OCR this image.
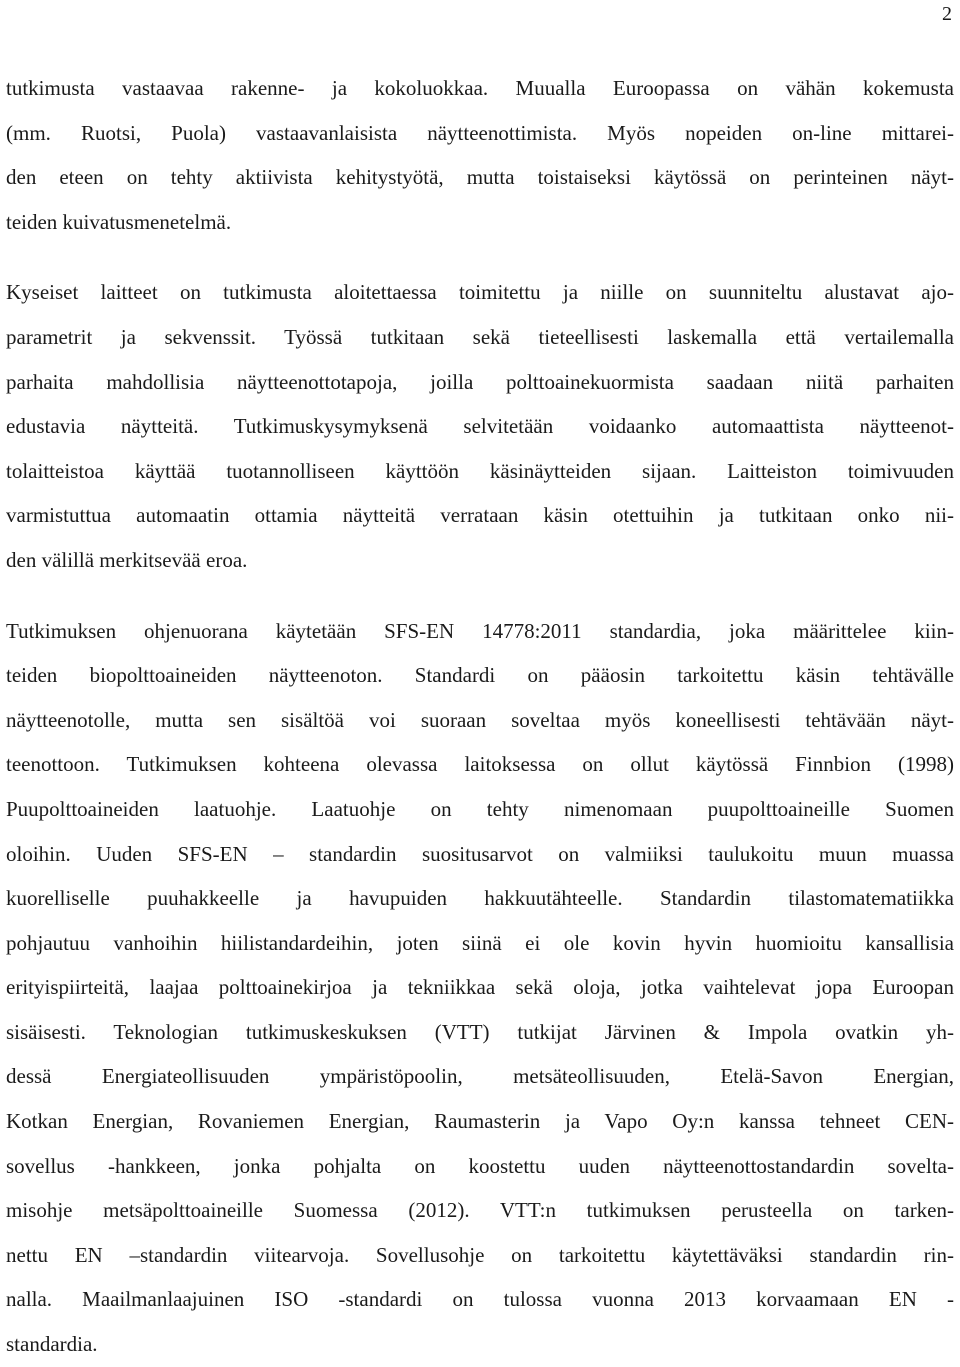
2
tutkimusta vastaavaa rakenne- ja kokoluokkaa. Muualla Euroopassa on vähän kokemusta
(mm. Ruotsi, Puola) vastaavanlaisista näytteenottimista. Myös nopeiden on-line mittarei-
den eteen on tehty aktiivista kehitystyötä, mutta toistaiseksi käytössä on perinteinen näyt-
teiden kuivatusmenetelmä.
Kyseiset laitteet on tutkimusta aloitettaessa toimitettu ja niille on suunniteltu alustavat ajo-
parametrit ja sekvenssit. Työssä tutkitaan sekä tieteellisesti laskemalla että vertailemalla
parhaita mahdollisia näytteenottotapoja, joilla polttoainekuormista saadaan niitä parhaiten
edustavia näytteitä. Tutkimuskysymyksenä selvitetään voidaanko automaattista näytteenot-
tolaitteistoa käyttää tuotannolliseen käyttöön käsinäytteiden sijaan. Laitteiston toimivuuden
varmistuttua automaatin ottamia näytteitä verrataan käsin otettuihin ja tutkitaan onko nii-
den välillä merkitsevää eroa.
Tutkimuksen ohjenuorana käytetään SFS-EN 14778:2011 standardia, joka määrittelee kiin-
teiden biopolttoaineiden näytteenoton. Standardi on pääosin tarkoitettu käsin tehtävälle
näytteenotolle, mutta sen sisältöä voi suoraan soveltaa myös koneellisesti tehtävään näyt-
teenottoon. Tutkimuksen kohteena olevassa laitoksessa on ollut käytössä Finnbion (1998)
Puupolttoaineiden laatuohje. Laatuohje on tehty nimenomaan puupolttoaineille Suomen
oloihin. Uuden SFS-EN – standardin suositusarvot on valmiiksi taulukoitu muun muassa
kuorelliselle puuhakkeelle ja havupuiden hakkuutähteelle. Standardin tilastomatematiikka
pohjautuu vanhoihin hiilistandardeihin, joten siinä ei ole kovin hyvin huomioitu kansallisia
erityispiirteitä, laajaa polttoainekirjoa ja tekniikkaa sekä oloja, jotka vaihtelevat jopa Euroopan
sisäisesti. Teknologian tutkimuskeskuksen (VTT) tutkijat Järvinen & Impola ovatkin yh-
dessä Energiateollisuuden ympäristöpoolin, metsäteollisuuden, Etelä-Savon Energian,
Kotkan Energian, Rovaniemen Energian, Raumasterin ja Vapo Oy:n kanssa tehneet CEN-
sovellus -hankkeen, jonka pohjalta on koostettu uuden näytteenottostandardin sovelta-
misohje metsäpolttoaineille Suomessa (2012). VTT:n tutkimuksen perusteella on tarken-
nettu EN –standardin viitearvoja. Sovellusohje on tarkoitettu käytettäväksi standardin rin-
nalla. Maailmanlaajuinen ISO -standardi on tulossa vuonna 2013 korvaamaan EN -
standardia.
